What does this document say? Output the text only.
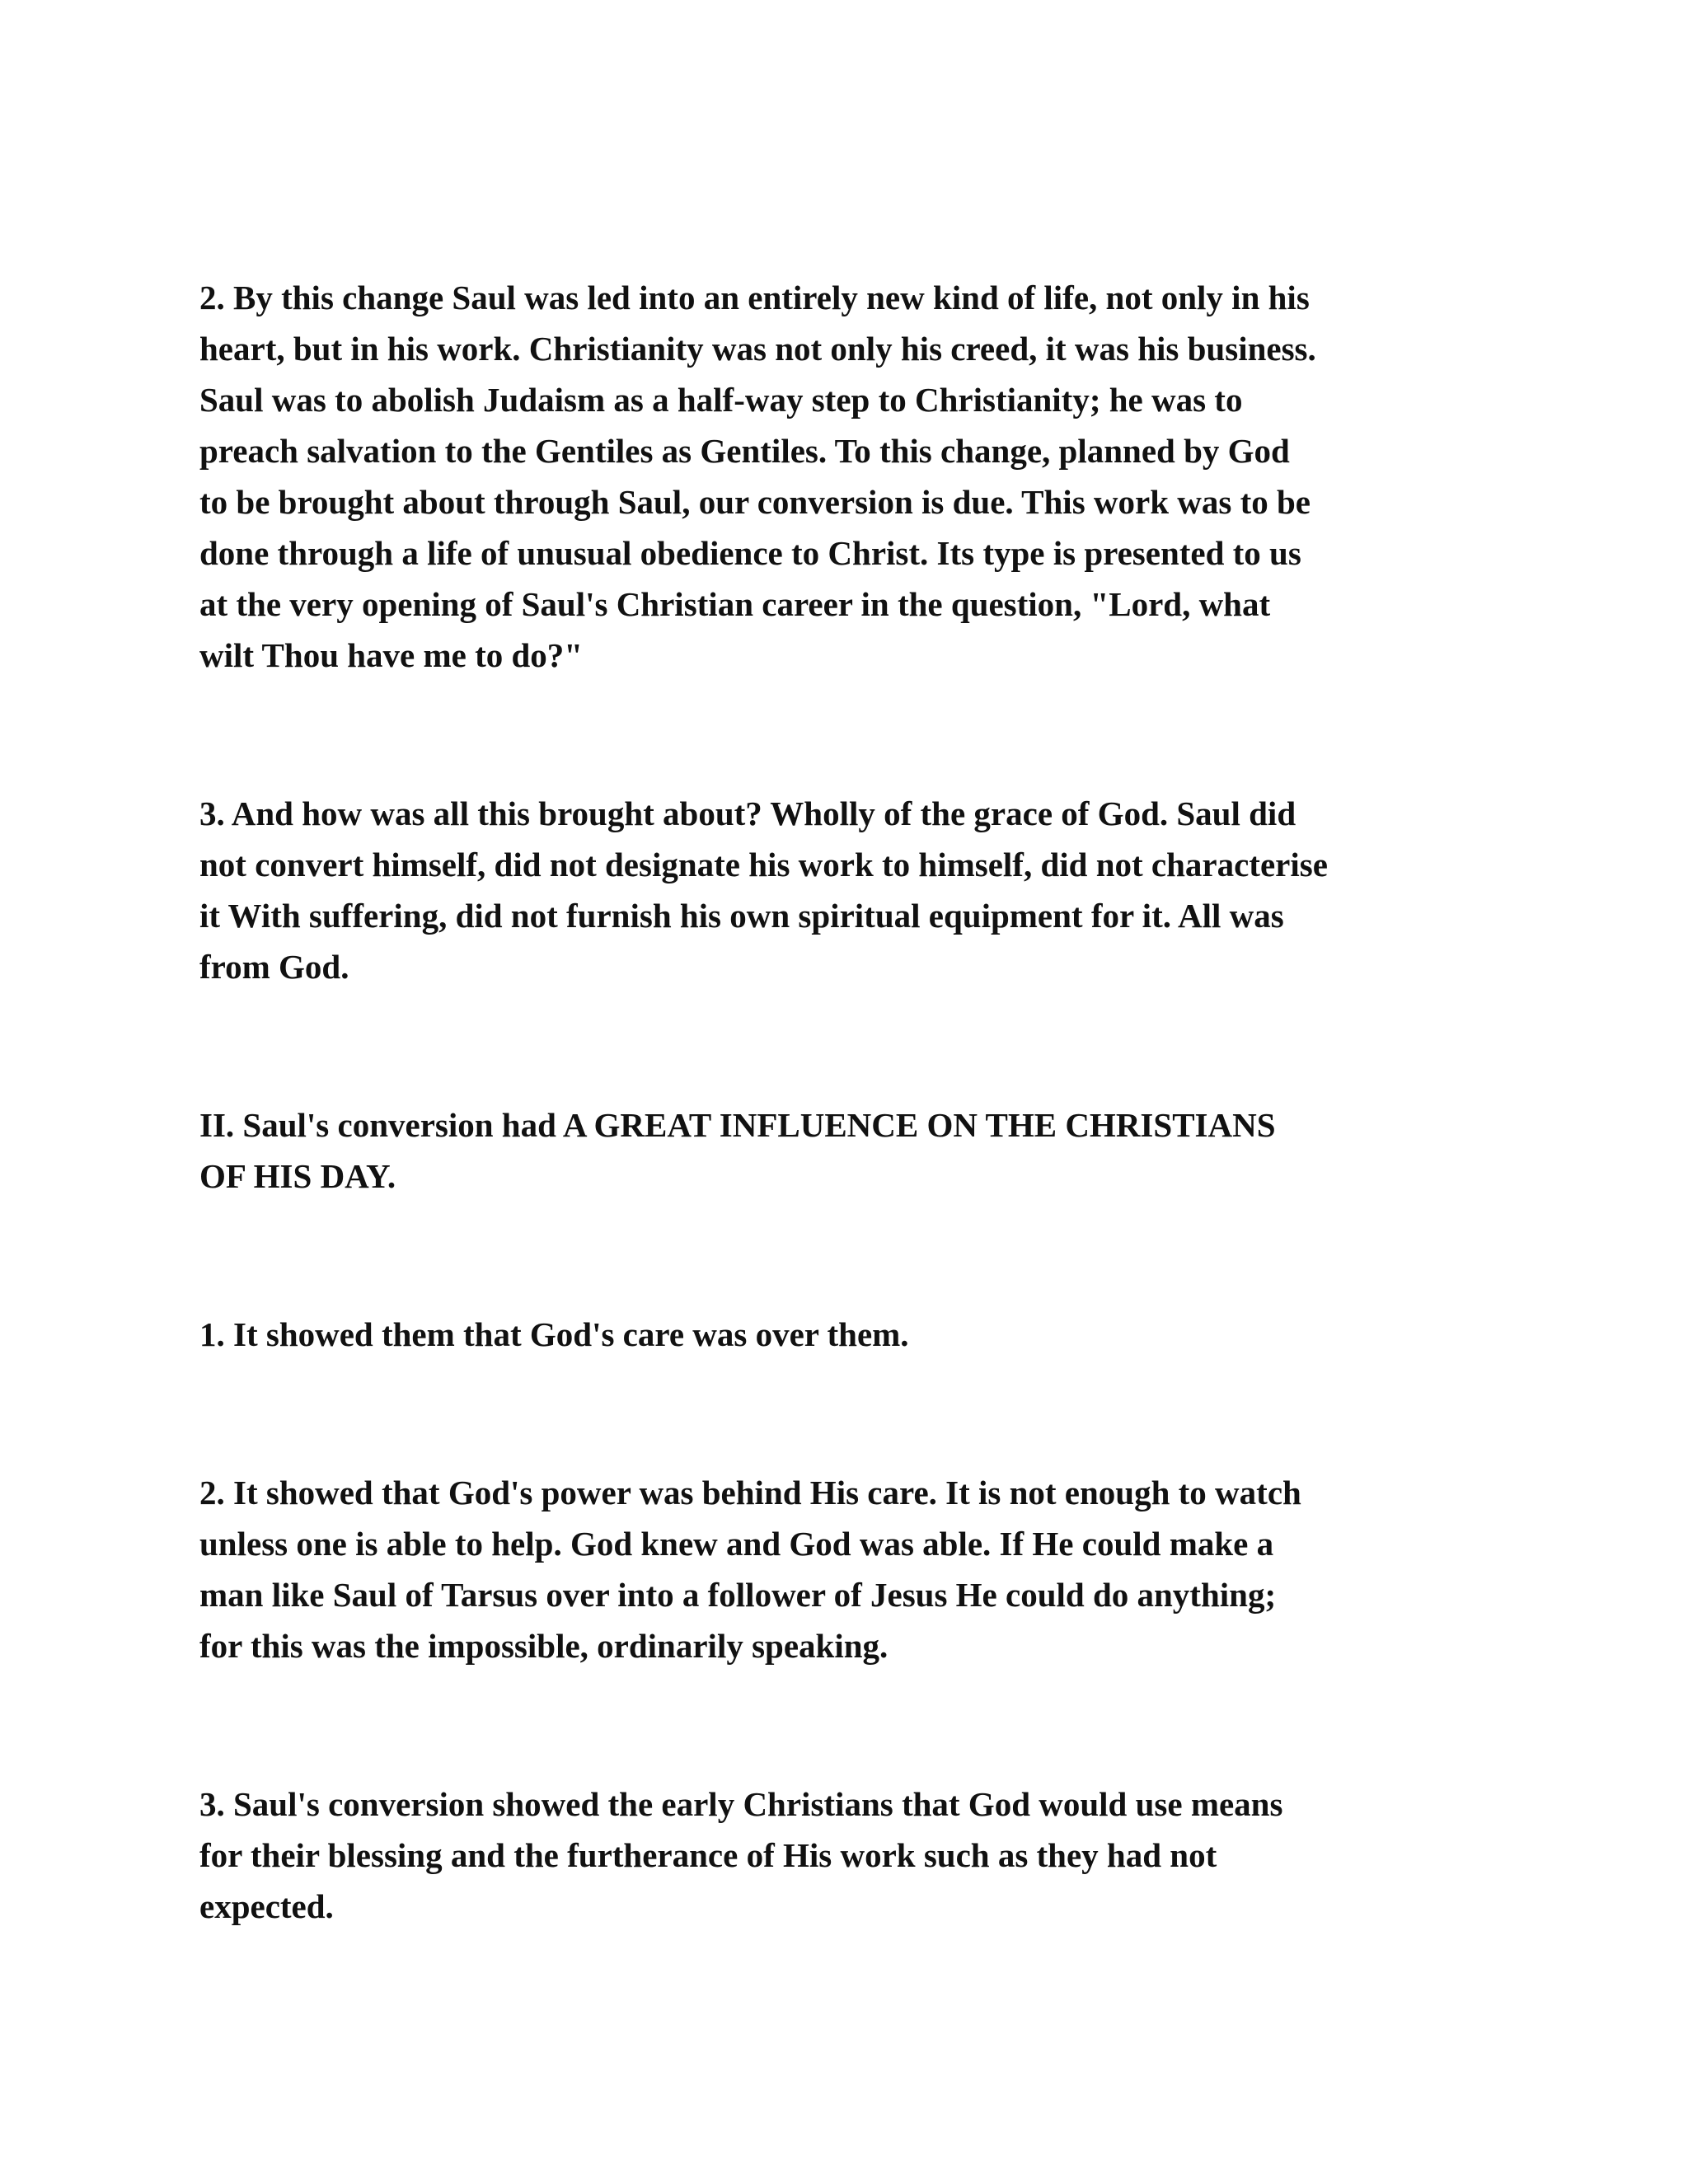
2. By this change Saul was led into an entirely new kind of life, not only in his
heart, but in his work. Christianity was not only his creed, it was his business.
Saul was to abolish Judaism as a half-way step to Christianity; he was to
preach salvation to the Gentiles as Gentiles. To this change, planned by God
to be brought about through Saul, our conversion is due. This work was to be
done through a life of unusual obedience to Christ. Its type is presented to us
at the very opening of Saul's Christian career in the question, "Lord, what
wilt Thou have me to do?"

3. And how was all this brought about? Wholly of the grace of God. Saul did
not convert himself, did not designate his work to himself, did not characterise
it With suffering, did not furnish his own spiritual equipment for it. All was
from God.

II. Saul's conversion had A GREAT INFLUENCE ON THE CHRISTIANS
OF HIS DAY.

1. It showed them that God's care was over them.

2. It showed that God's power was behind His care. It is not enough to watch
unless one is able to help. God knew and God was able. If He could make a
man like Saul of Tarsus over into a follower of Jesus He could do anything;
for this was the impossible, ordinarily speaking.

3. Saul's conversion showed the early Christians that God would use means
for their blessing and the furtherance of His work such as they had not
expected.
